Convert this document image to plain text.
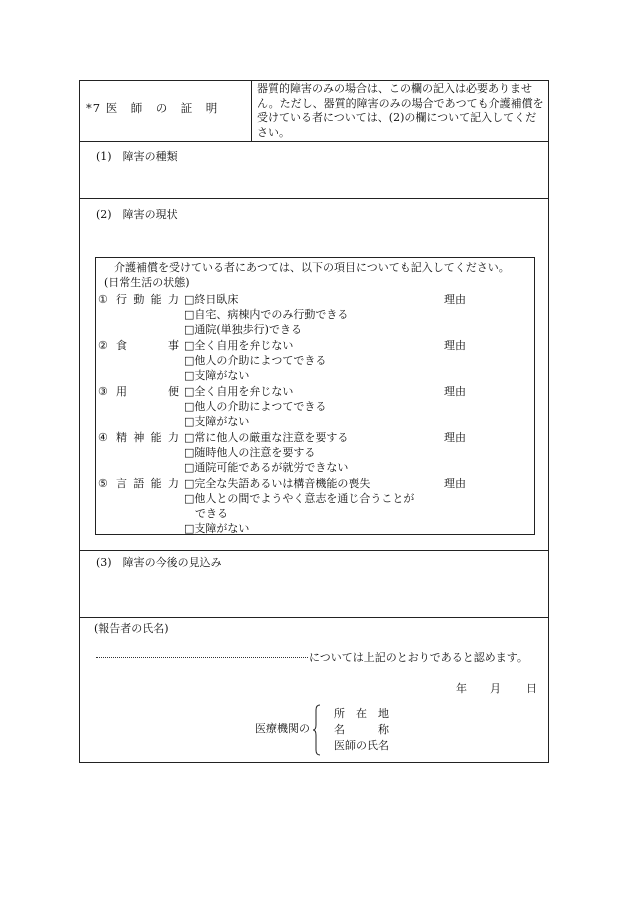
*7 医　師　の　証　明
器質的障害のみの場合は、この欄の記入は必要ありません。ただし、器質的障害のみの場合であつても介護補償を受けている者については、(2)の欄について記入してください。
(1)　障害の種類
(2)　障害の現状
介護補償を受けている者にあつては、以下の項目についても記入してください。
(日常生活の状態)
① 行 動 能 力 □終日臥床
□自宅、病棟内でのみ行動できる
□通院(単独歩行)できる
理由
② 食	事 □全く自用を弁じない
□他人の介助によつてできる
□支障がない
理由
③ 用	便 □全く自用を弁じない
□他人の介助によつてできる
□支障がない
理由
④ 精 神 能 力 □常に他人の厳重な注意を要する
□随時他人の注意を要する
□通院可能であるが就労できない
理由
⑤ 言 語 能 力 □完全な失語あるいは構音機能の喪失
□他人との間でようやく意志を通じ合うことが
　できる
□支障がない
理由
(3)　障害の今後の見込み
(報告者の氏名)
については上記のとおりであると認めます。
年 月 日
医療機関の
所　在　地
名　　　称
医師の氏名
